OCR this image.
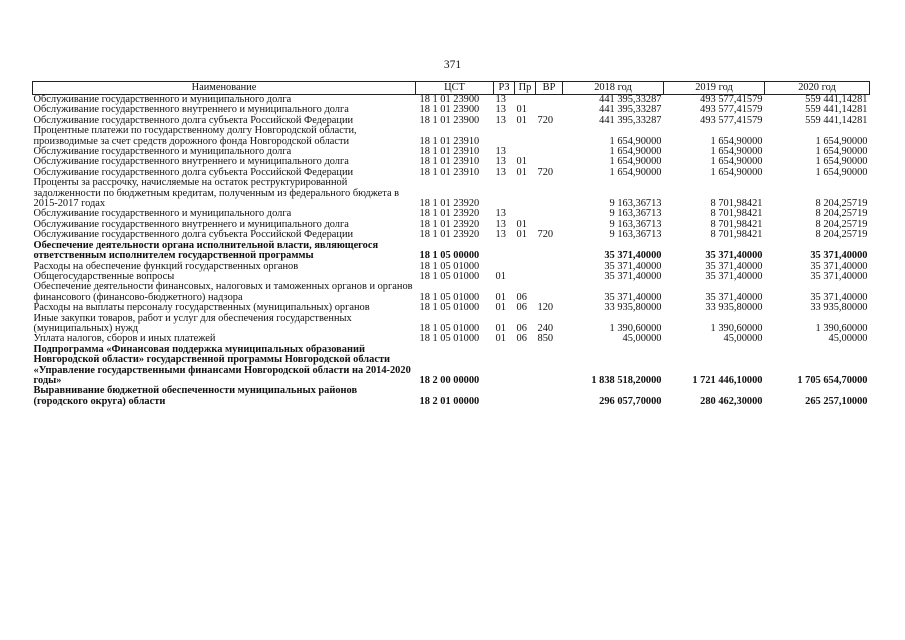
371
Наименование	ЦСТ	РЗ	Пр	ВР	2018 год	2019 год	2020 год
Обслуживание государственного и муниципального долга	18 1 01 23900	13			441 395,33287	493 577,41579	559 441,14281
Обслуживание государственного внутреннего и муниципального долга	18 1 01 23900	13	01		441 395,33287	493 577,41579	559 441,14281
Обслуживание государственного долга субъекта Российской Федерации	18 1 01 23900	13	01	720	441 395,33287	493 577,41579	559 441,14281
Процентные платежи по государственному долгу Новгородской области, производимые за счет средств дорожного фонда Новгородской области	18 1 01 23910				1 654,90000	1 654,90000	1 654,90000
Обслуживание государственного и муниципального долга	18 1 01 23910	13			1 654,90000	1 654,90000	1 654,90000
Обслуживание государственного внутреннего и муниципального долга	18 1 01 23910	13	01		1 654,90000	1 654,90000	1 654,90000
Обслуживание государственного долга субъекта Российской Федерации	18 1 01 23910	13	01	720	1 654,90000	1 654,90000	1 654,90000
Проценты за рассрочку, начисляемые на остаток реструктурированной задолженности по бюджетным кредитам, полученным из федерального бюджета в 2015-2017 годах	18 1 01 23920				9 163,36713	8 701,98421	8 204,25719
Обслуживание государственного и муниципального долга	18 1 01 23920	13			9 163,36713	8 701,98421	8 204,25719
Обслуживание государственного внутреннего и муниципального долга	18 1 01 23920	13	01		9 163,36713	8 701,98421	8 204,25719
Обслуживание государственного долга субъекта Российской Федерации	18 1 01 23920	13	01	720	9 163,36713	8 701,98421	8 204,25719
Обеспечение деятельности органа исполнительной власти, являющегося ответственным исполнителем государственной программы	18 1 05 00000				35 371,40000	35 371,40000	35 371,40000
Расходы на обеспечение функций государственных органов	18 1 05 01000				35 371,40000	35 371,40000	35 371,40000
Общегосударственные вопросы	18 1 05 01000	01			35 371,40000	35 371,40000	35 371,40000
Обеспечение деятельности финансовых, налоговых и таможенных органов и органов финансового (финансово-бюджетного) надзора	18 1 05 01000	01	06		35 371,40000	35 371,40000	35 371,40000
Расходы на выплаты персоналу государственных (муниципальных) органов	18 1 05 01000	01	06	120	33 935,80000	33 935,80000	33 935,80000
Иные закупки товаров, работ и услуг для обеспечения государственных (муниципальных) нужд	18 1 05 01000	01	06	240	1 390,60000	1 390,60000	1 390,60000
Уплата налогов, сборов и иных платежей	18 1 05 01000	01	06	850	45,00000	45,00000	45,00000
Подпрограмма «Финансовая поддержка муниципальных образований Новгородской области» государственной программы Новгородской области «Управление государственными финансами Новгородской области на 2014-2020 годы»	18 2 00 00000				1 838 518,20000	1 721 446,10000	1 705 654,70000
Выравнивание бюджетной обеспеченности муниципальных районов (городского округа) области	18 2 01 00000				296 057,70000	280 462,30000	265 257,10000
